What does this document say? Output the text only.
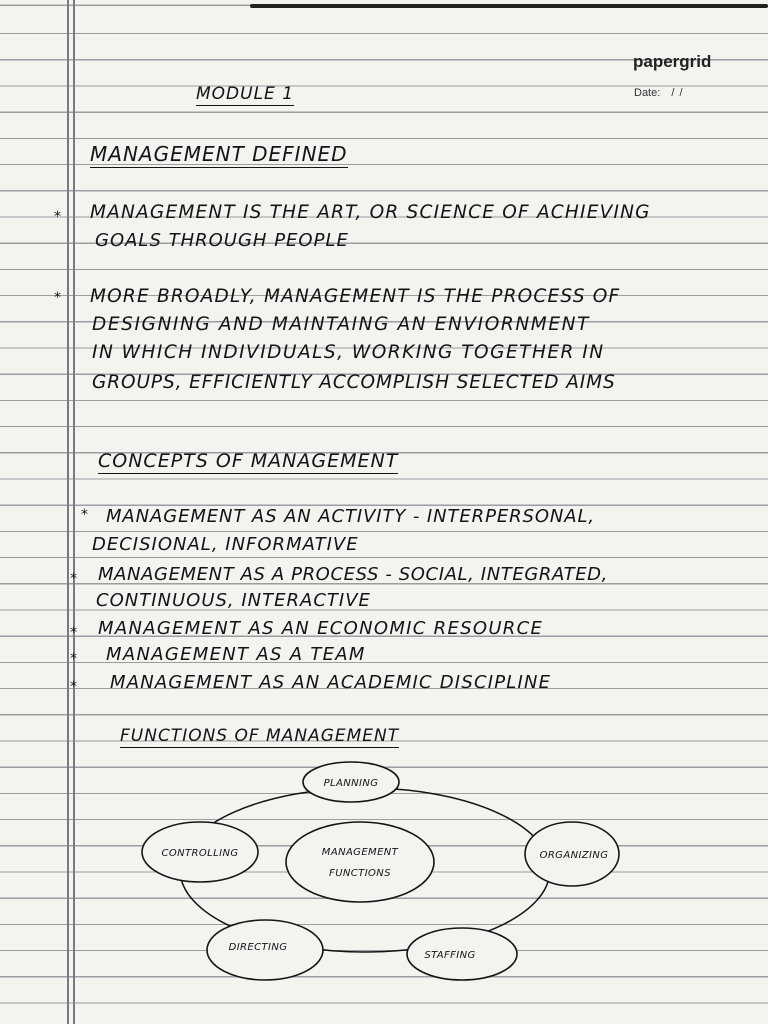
papergrid
Date: / /
MODULE 1
MANAGEMENT DEFINED
* MANAGEMENT IS THE ART, OR SCIENCE OF ACHIEVING
GOALS THROUGH PEOPLE
* MORE BROADLY, MANAGEMENT IS THE PROCESS OF
DESIGNING AND MAINTAING AN ENVIORNMENT
IN WHICH INDIVIDUALS, WORKING TOGETHER IN
GROUPS, EFFICIENTLY ACCOMPLISH SELECTED AIMS
CONCEPTS OF MANAGEMENT
* MANAGEMENT AS AN ACTIVITY - INTERPERSONAL,
DECISIONAL, INFORMATIVE
* MANAGEMENT AS A PROCESS - SOCIAL, INTEGRATED,
CONTINUOUS, INTERACTIVE
* MANAGEMENT AS AN ECONOMIC RESOURCE
* MANAGEMENT AS A TEAM
* MANAGEMENT AS AN ACADEMIC DISCIPLINE
FUNCTIONS OF MANAGEMENT
MANAGEMENT
FUNCTIONS
PLANNING
ORGANIZING
STAFFING
DIRECTING
CONTROLLING
